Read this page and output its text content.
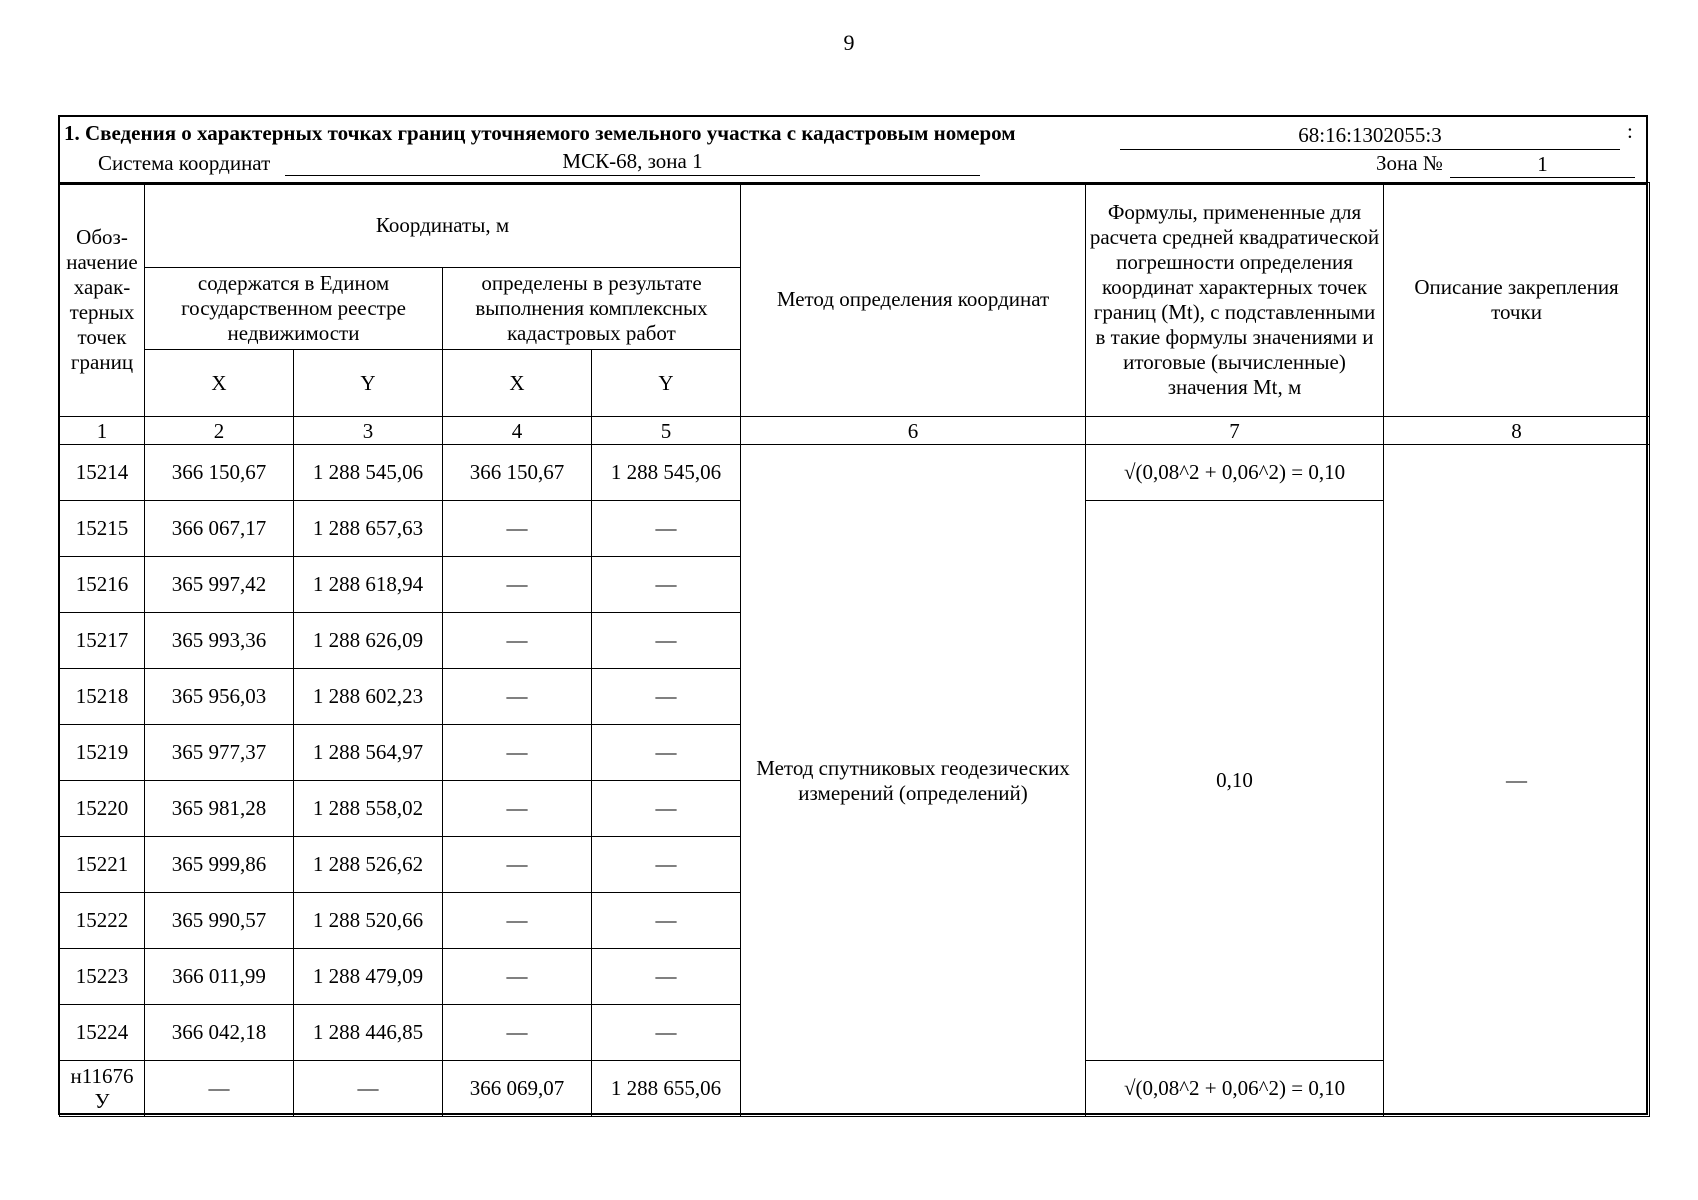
9
1. Сведения о характерных точках границ уточняемого земельного участка с кадастровым номером	68:16:1302055:3	:
Система координат	МСК-68, зона 1	Зона №	1
Обоз- начение харак- терных точек границ	Координаты, м				Метод определения координат	Формулы, примененные для расчета средней квадратической погрешности определения координат характерных точек границ (Mt), с подставленными в такие формулы значениями и итоговые (вычисленные) значения Mt, м	Описание закрепления точки
	содержатся в Едином государственном реестре недвижимости		определены в результате выполнения комплексных кадастровых работ				
	X	Y	X	Y			
1	2	3	4	5	6	7	8
15214	366 150,67	1 288 545,06	366 150,67	1 288 545,06	Метод спутниковых геодезических измерений (определений)	√(0,08^2 + 0,06^2) = 0,10	—
15215	366 067,17	1 288 657,63	—	—		0,10	
15216	365 997,42	1 288 618,94	—	—			
15217	365 993,36	1 288 626,09	—	—			
15218	365 956,03	1 288 602,23	—	—			
15219	365 977,37	1 288 564,97	—	—			
15220	365 981,28	1 288 558,02	—	—			
15221	365 999,86	1 288 526,62	—	—			
15222	365 990,57	1 288 520,66	—	—			
15223	366 011,99	1 288 479,09	—	—			
15224	366 042,18	1 288 446,85	—	—			
н11676 У	—	—	366 069,07	1 288 655,06		√(0,08^2 + 0,06^2) = 0,10	
